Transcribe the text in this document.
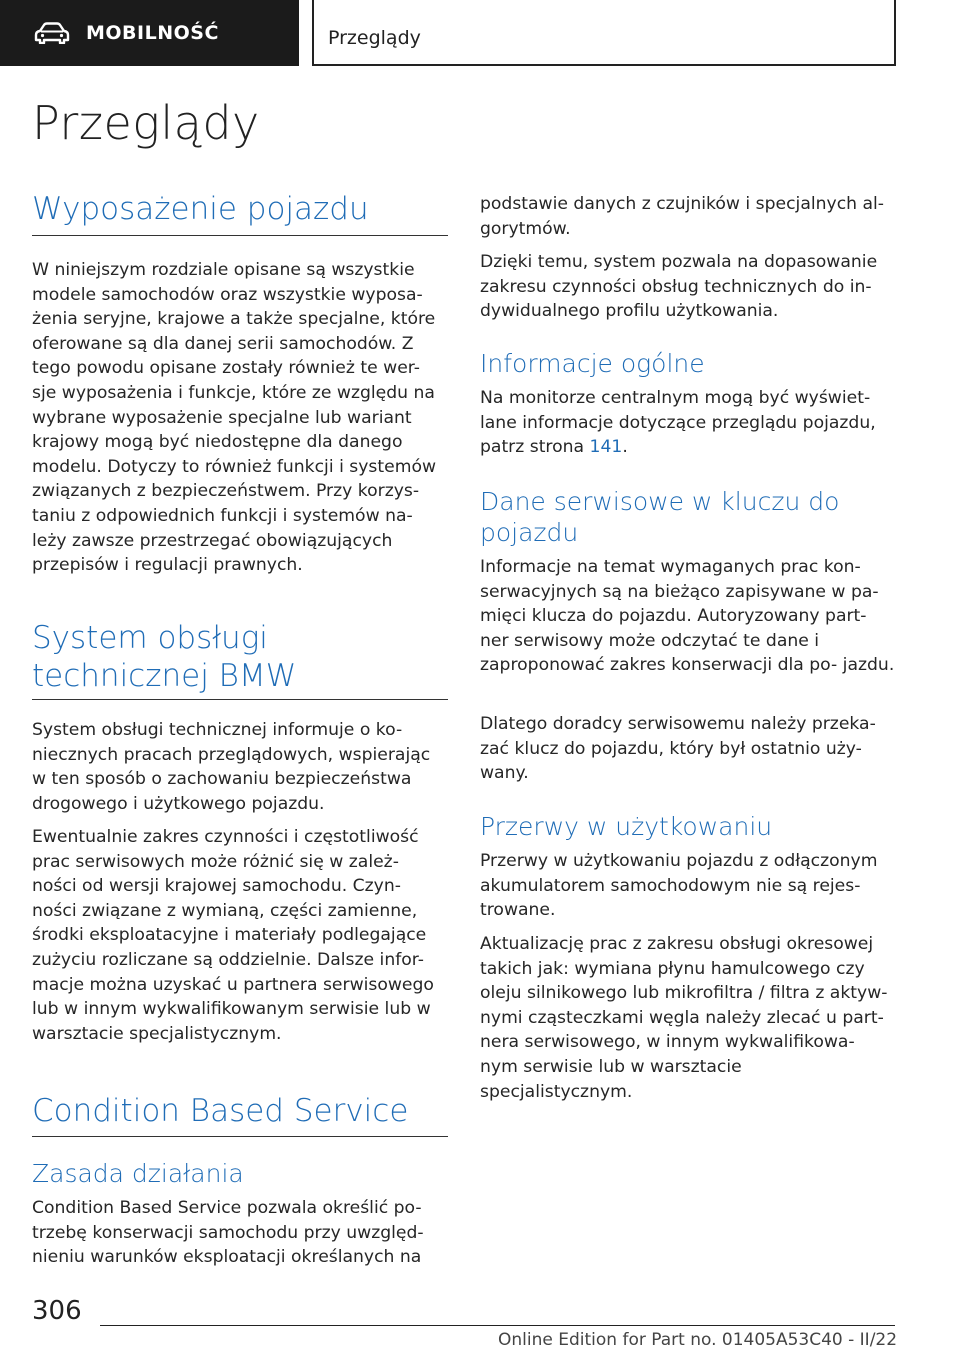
MOBILNOŚĆ	Przeglądy
Przeglądy
Wyposażenie pojazdu
W niniejszym rozdziale opisane są wszystkie modele samochodów oraz wszystkie wyposa- żenia seryjne, krajowe a także specjalne, które oferowane są dla danej serii samochodów. Z tego powodu opisane zostały również te wer- sje wyposażenia i funkcje, które ze względu na wybrane wyposażenie specjalne lub wariant krajowy mogą być niedostępne dla danego modelu. Dotyczy to również funkcji i systemów związanych z bezpieczeństwem. Przy korzys- taniu z odpowiednich funkcji i systemów na- leży zawsze przestrzegać obowiązujących przepisów i regulacji prawnych.
System obsługi technicznej BMW
System obsługi technicznej informuje o ko- niecznych pracach przeglądowych, wspierając w ten sposób o zachowaniu bezpieczeństwa drogowego i użytkowego pojazdu.
Ewentualnie zakres czynności i częstotliwość prac serwisowych może różnić się w zależ- ności od wersji krajowej samochodu. Czyn- ności związane z wymianą, części zamienne, środki eksploatacyjne i materiały podlegające zużyciu rozliczane są oddzielnie. Dalsze infor- macje można uzyskać u partnera serwisowego lub w innym wykwalifikowanym serwisie lub w warsztacie specjalistycznym.
Condition Based Service
Zasada działania
Condition Based Service pozwala określić po- trzebę konserwacji samochodu przy uwzględ- nieniu warunków eksploatacji określanych na
podstawie danych z czujników i specjalnych al- gorytmów.
Dzięki temu, system pozwala na dopasowanie zakresu czynności obsług technicznych do in- dywidualnego profilu użytkowania.
Informacje ogólne
Na monitorze centralnym mogą być wyświet- lane informacje dotyczące przeglądu pojazdu, patrz strona 141.
Dane serwisowe w kluczu do pojazdu
Informacje na temat wymaganych prac kon- serwacyjnych są na bieżąco zapisywane w pa- mięci klucza do pojazdu. Autoryzowany part- ner serwisowy może odczytać te dane i zaproponować zakres konserwacji dla po- jazdu.
Dlatego doradcy serwisowemu należy przeka- zać klucz do pojazdu, który był ostatnio uży- wany.
Przerwy w użytkowaniu
Przerwy w użytkowaniu pojazdu z odłączonym akumulatorem samochodowym nie są rejes- trowane.
Aktualizację prac z zakresu obsługi okresowej takich jak: wymiana płynu hamulcowego czy oleju silnikowego lub mikrofiltra / filtra z aktyw- nymi cząsteczkami węgla należy zlecać u part- nera serwisowego, w innym wykwalifikowa- nym serwisie lub w warsztacie specjalistycznym.
306
Online Edition for Part no. 01405A53C40 - II/22
